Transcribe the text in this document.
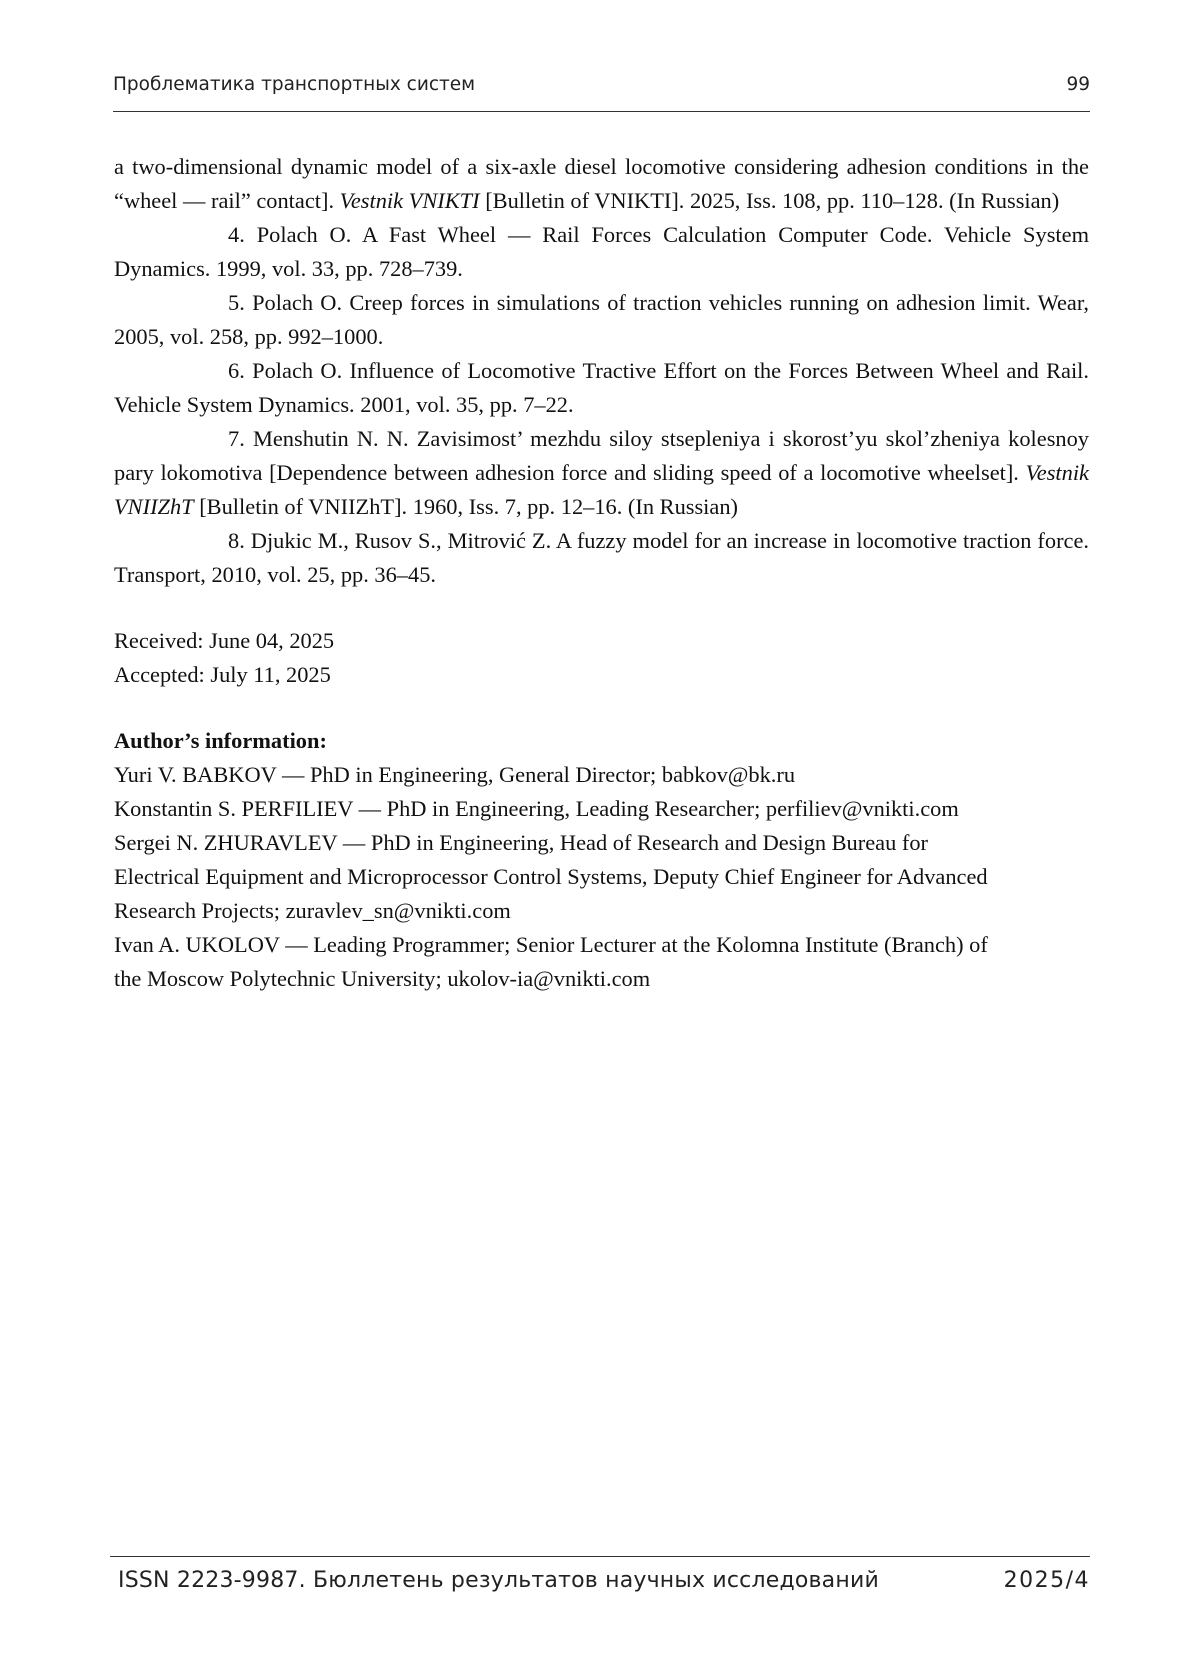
Проблематика транспортных систем	99

a two-dimensional dynamic model of a six-axle diesel locomotive considering adhesion conditions in the “wheel — rail” contact]. Vestnik VNIKTI [Bulletin of VNIKTI]. 2025, Iss. 108, pp. 110–128. (In Russian)

4. Polach O. A Fast Wheel — Rail Forces Calculation Computer Code. Vehicle System Dynamics. 1999, vol. 33, pp. 728–739.

5. Polach O. Creep forces in simulations of traction vehicles running on adhesion limit. Wear, 2005, vol. 258, pp. 992–1000.

6. Polach O. Influence of Locomotive Tractive Effort on the Forces Between Wheel and Rail. Vehicle System Dynamics. 2001, vol. 35, pp. 7–22.

7. Menshutin N. N. Zavisimost’ mezhdu siloy stsepleniya i skorost’yu skol’zheniya kolesnoy pary lokomotiva [Dependence between adhesion force and sliding speed of a locomotive wheelset]. Vestnik VNIIZhT [Bulletin of VNIIZhT]. 1960, Iss. 7, pp. 12–16. (In Russian)

8. Djukic M., Rusov S., Mitrović Z. A fuzzy model for an increase in locomotive traction force. Transport, 2010, vol. 25, pp. 36–45.

Received: June 04, 2025

Accepted: July 11, 2025

Author’s information:

Yuri V. BABKOV — PhD in Engineering, General Director; babkov@bk.ru

Konstantin S. PERFILIEV — PhD in Engineering, Leading Researcher; perfiliev@vnikti.com

Sergei N. ZHURAVLEV — PhD in Engineering, Head of Research and Design Bureau for Electrical Equipment and Microprocessor Control Systems, Deputy Chief Engineer for Advanced Research Projects; zuravlev_sn@vnikti.com

Ivan A. UKOLOV — Leading Programmer; Senior Lecturer at the Kolomna Institute (Branch) of the Moscow Polytechnic University; ukolov-ia@vnikti.com

ISSN 2223-9987. Бюллетень результатов научных исследований	2025/4
